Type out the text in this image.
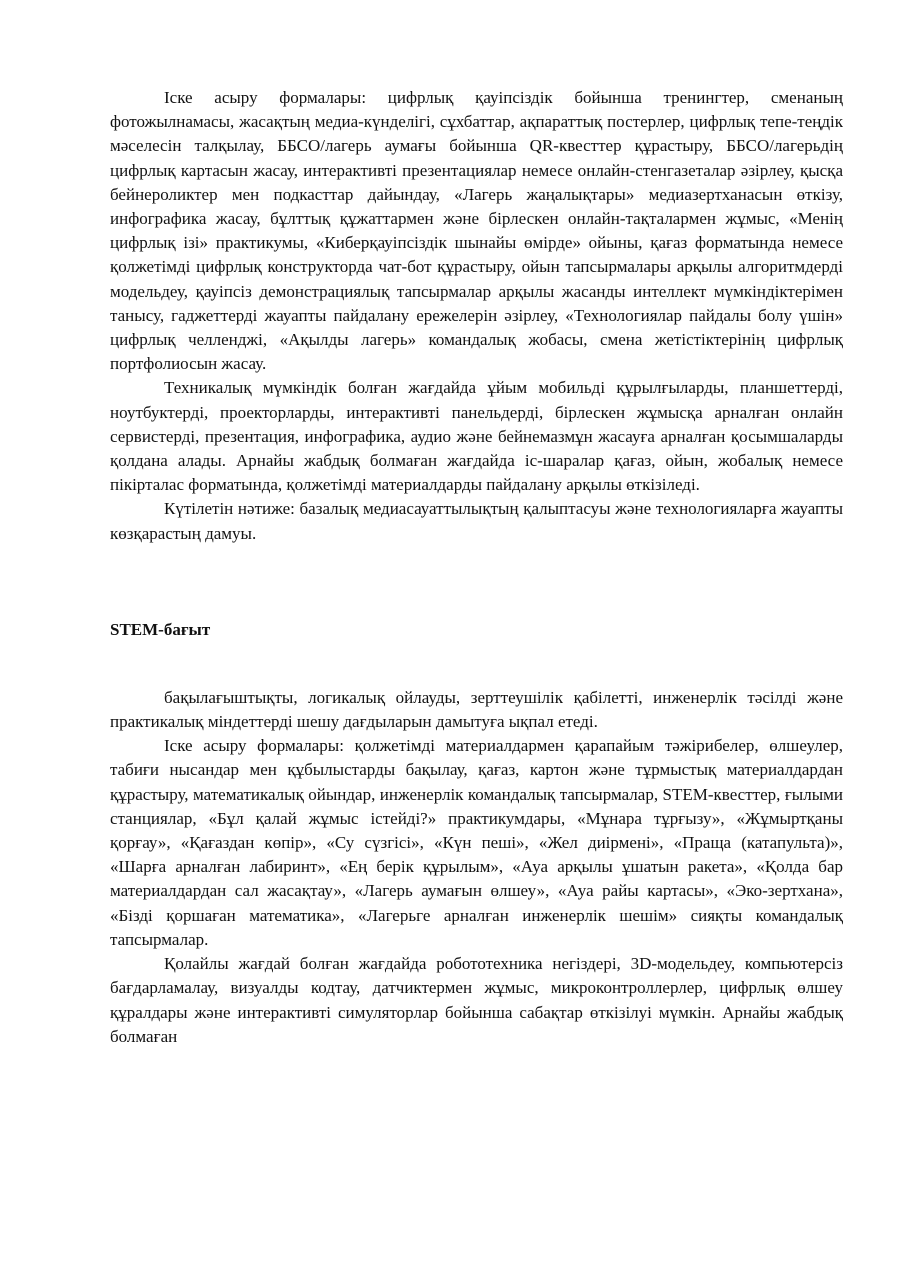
Іске асыру формалары: цифрлық қауіпсіздік бойынша тренингтер, сменаның фотожылнамасы, жасақтың медиа-күнделігі, сұхбаттар, ақпараттық постерлер, цифрлық тепе-теңдік мәселесін талқылау, ББСО/лагерь аумағы бойынша QR-квесттер құрастыру, ББСО/лагерьдің цифрлық картасын жасау, интерактивті презентациялар немесе онлайн-стенгазеталар әзірлеу, қысқа бейнероликтер мен подкасттар дайындау, «Лагерь жаңалықтары» медиазертханасын өткізу, инфографика жасау, бұлттық құжаттармен және бірлескен онлайн-тақталармен жұмыс, «Менің цифрлық ізі» практикумы, «Киберқауіпсіздік шынайы өмірде» ойыны, қағаз форматында немесе қолжетімді цифрлық конструкторда чат-бот құрастыру, ойын тапсырмалары арқылы алгоритмдерді модельдеу, қауіпсіз демонстрациялық тапсырмалар арқылы жасанды интеллект мүмкіндіктерімен танысу, гаджеттерді жауапты пайдалану ережелерін әзірлеу, «Технологиялар пайдалы болу үшін» цифрлық челленджі, «Ақылды лагерь» командалық жобасы, смена жетістіктерінің цифрлық портфолиосын жасау.

Техникалық мүмкіндік болған жағдайда ұйым мобильді құрылғыларды, планшеттерді, ноутбуктерді, проекторларды, интерактивті панельдерді, бірлескен жұмысқа арналған онлайн сервистерді, презентация, инфографика, аудио және бейнемазмұн жасауға арналған қосымшаларды қолдана алады. Арнайы жабдық болмаған жағдайда іс-шаралар қағаз, ойын, жобалық немесе пікірталас форматында, қолжетімді материалдарды пайдалану арқылы өткізіледі.

Күтілетін нәтиже: базалық медиасауаттылықтың қалыптасуы және технологияларға жауапты көзқарастың дамуы.

STEM-бағыт

бақылағыштықты, логикалық ойлауды, зерттеушілік қабілетті, инженерлік тәсілді және практикалық міндеттерді шешу дағдыларын дамытуға ықпал етеді.

Іске асыру формалары: қолжетімді материалдармен қарапайым тәжірибелер, өлшеулер, табиғи нысандар мен құбылыстарды бақылау, қағаз, картон және тұрмыстық материалдардан құрастыру, математикалық ойындар, инженерлік командалық тапсырмалар, STEM-квесттер, ғылыми станциялар, «Бұл қалай жұмыс істейді?» практикумдары, «Мұнара тұрғызу», «Жұмыртқаны қорғау», «Қағаздан көпір», «Су сүзгісі», «Күн пеші», «Жел диірмені», «Праща (катапульта)», «Шарға арналған лабиринт», «Ең берік құрылым», «Ауа арқылы ұшатын ракета», «Қолда бар материалдардан сал жасақтау», «Лагерь аумағын өлшеу», «Ауа райы картасы», «Эко-зертхана», «Бізді қоршаған математика», «Лагерьге арналған инженерлік шешім» сияқты командалық тапсырмалар.

Қолайлы жағдай болған жағдайда робототехника негіздері, 3D-модельдеу, компьютерсіз бағдарламалау, визуалды кодтау, датчиктермен жұмыс, микроконтроллерлер, цифрлық өлшеу құралдары және интерактивті симуляторлар бойынша сабақтар өткізілуі мүмкін. Арнайы жабдық болмаған
